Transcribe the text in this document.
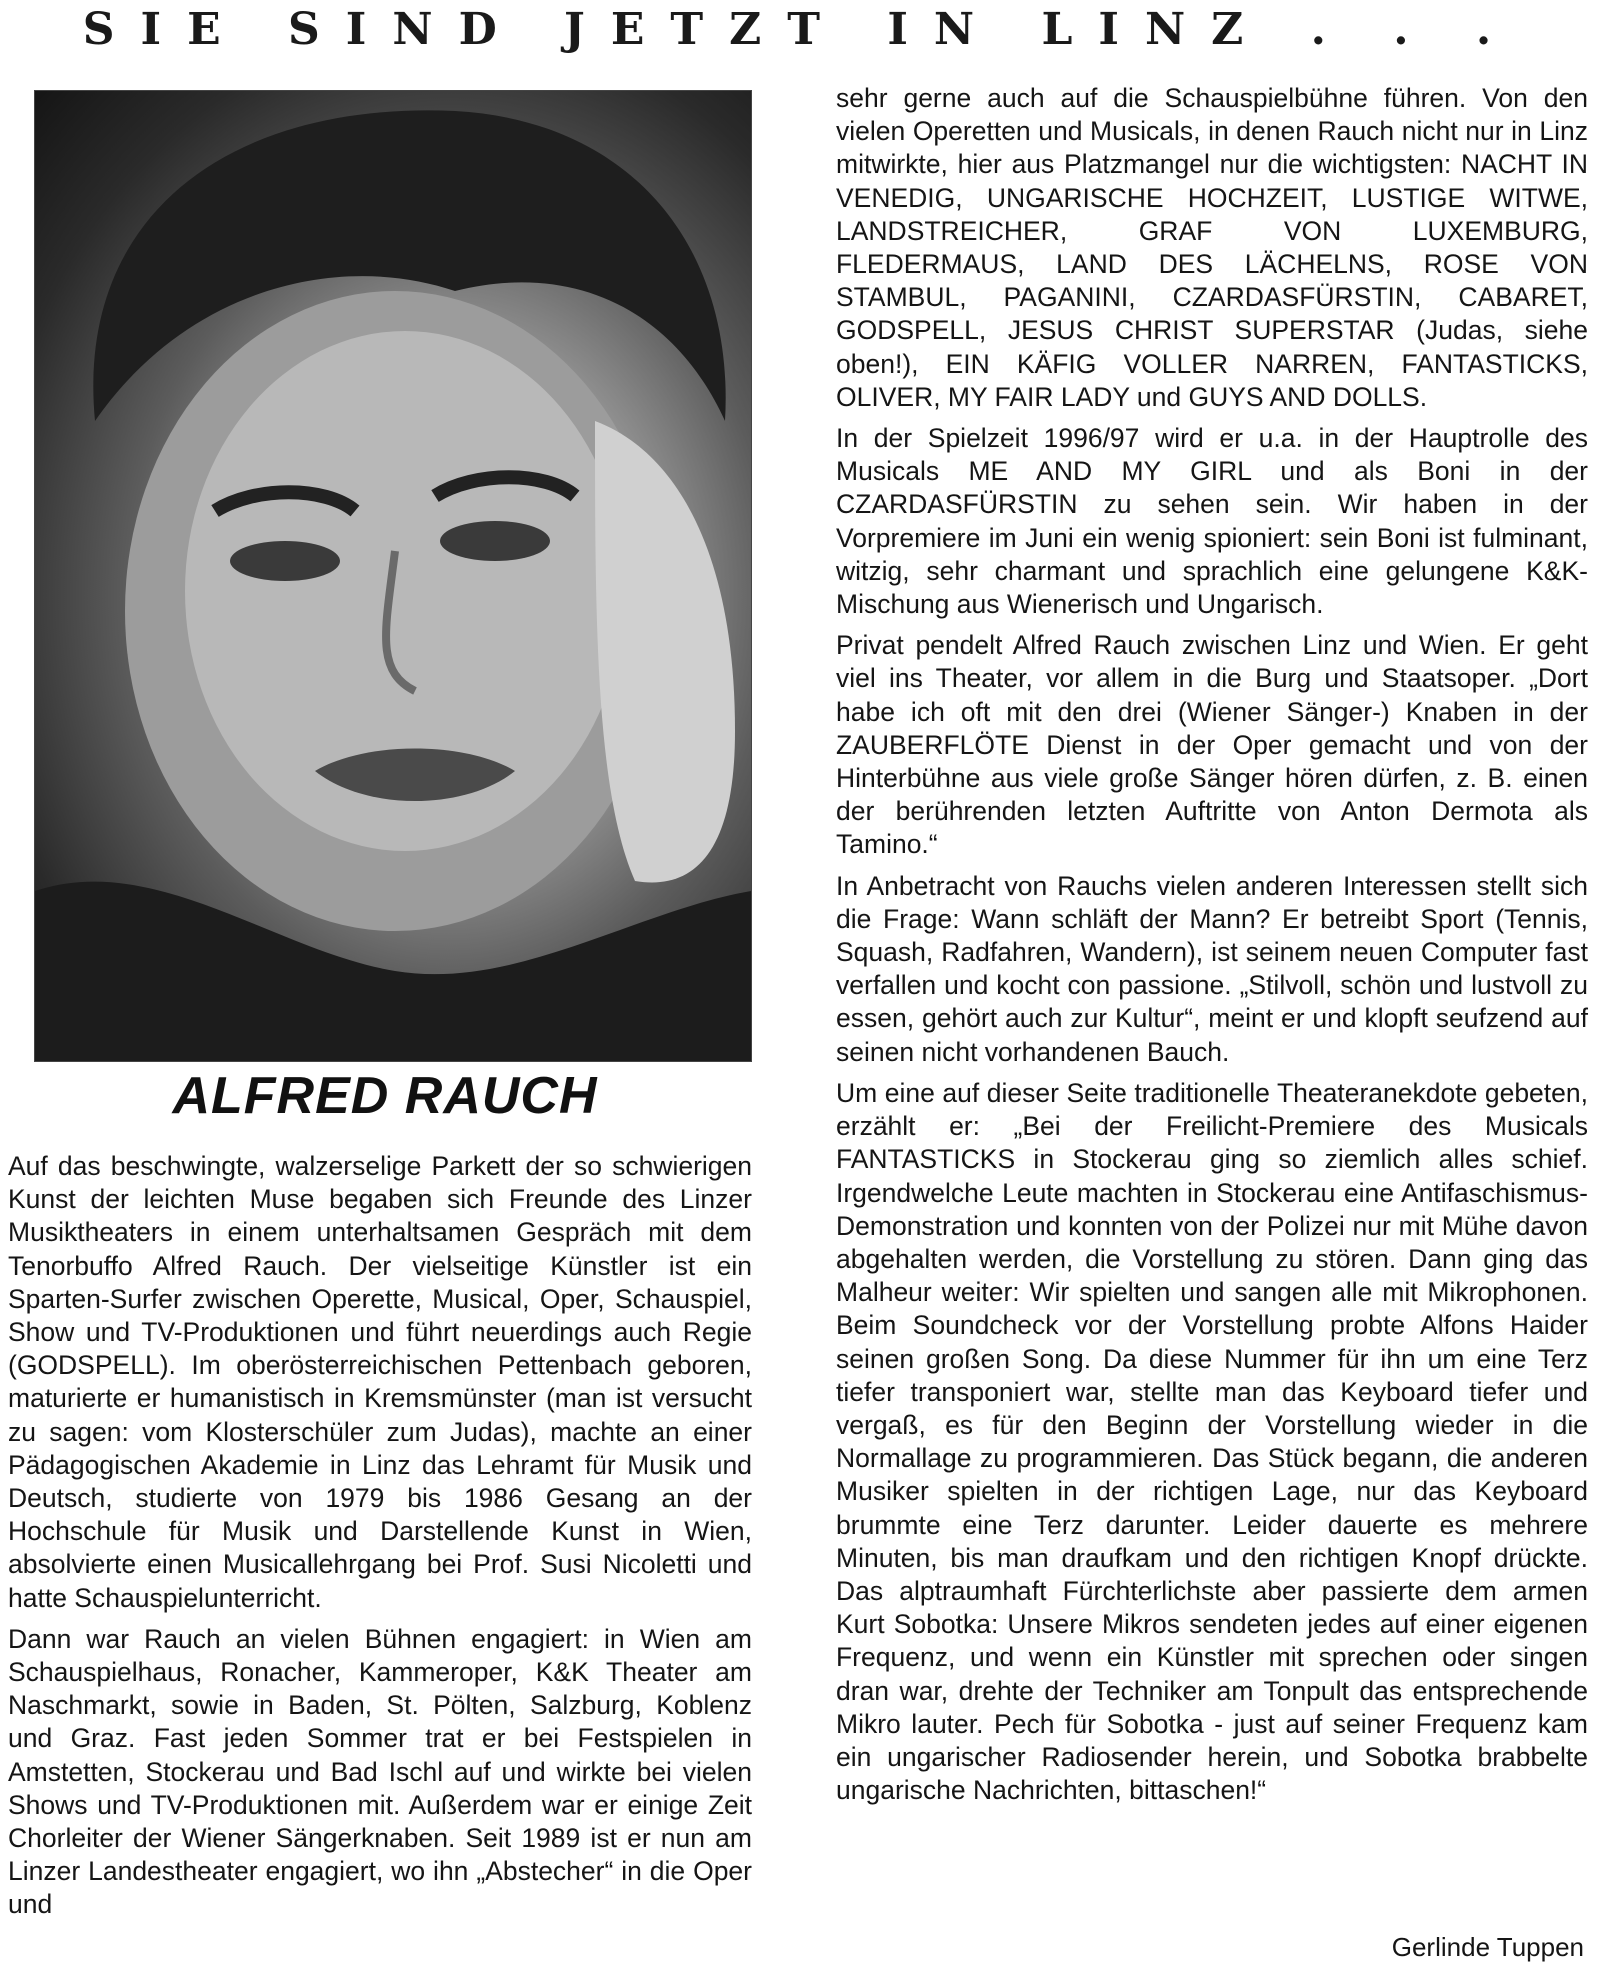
SIE SIND JETZT IN LINZ . . .
ALFRED RAUCH

Auf das beschwingte, walzerselige Parkett der so schwierigen Kunst der leichten Muse begaben sich Freunde des Linzer Musiktheaters in einem unterhaltsamen Gespräch mit dem Tenorbuffo Alfred Rauch. Der vielseitige Künstler ist ein Sparten-Surfer zwischen Operette, Musical, Oper, Schauspiel, Show und TV-Produktionen und führt neuerdings auch Regie (GODSPELL). Im oberösterreichischen Pettenbach geboren, maturierte er humanistisch in Kremsmünster (man ist versucht zu sagen: vom Klosterschüler zum Judas), machte an einer Pädagogischen Akademie in Linz das Lehramt für Musik und Deutsch, studierte von 1979 bis 1986 Gesang an der Hochschule für Musik und Darstellende Kunst in Wien, absolvierte einen Musicallehrgang bei Prof. Susi Nicoletti und hatte Schauspielunterricht.

Dann war Rauch an vielen Bühnen engagiert: in Wien am Schauspielhaus, Ronacher, Kammeroper, K&K Theater am Naschmarkt, sowie in Baden, St. Pölten, Salzburg, Koblenz und Graz. Fast jeden Sommer trat er bei Festspielen in Amstetten, Stockerau und Bad Ischl auf und wirkte bei vielen Shows und TV-Produktionen mit. Außerdem war er einige Zeit Chorleiter der Wiener Sängerknaben. Seit 1989 ist er nun am Linzer Landestheater engagiert, wo ihn „Abstecher“ in die Oper und

sehr gerne auch auf die Schauspielbühne führen. Von den vielen Operetten und Musicals, in denen Rauch nicht nur in Linz mitwirkte, hier aus Platzmangel nur die wichtigsten: NACHT IN VENEDIG, UNGARISCHE HOCHZEIT, LUSTIGE WITWE, LANDSTREICHER, GRAF VON LUXEMBURG, FLEDERMAUS, LAND DES LÄCHELNS, ROSE VON STAMBUL, PAGANINI, CZARDASFÜRSTIN, CABARET, GODSPELL, JESUS CHRIST SUPERSTAR (Judas, siehe oben!), EIN KÄFIG VOLLER NARREN, FANTASTICKS, OLIVER, MY FAIR LADY und GUYS AND DOLLS.

In der Spielzeit 1996/97 wird er u.a. in der Hauptrolle des Musicals ME AND MY GIRL und als Boni in der CZARDASFÜRSTIN zu sehen sein. Wir haben in der Vorpremiere im Juni ein wenig spioniert: sein Boni ist fulminant, witzig, sehr charmant und sprachlich eine gelungene K&K-Mischung aus Wienerisch und Ungarisch.

Privat pendelt Alfred Rauch zwischen Linz und Wien. Er geht viel ins Theater, vor allem in die Burg und Staatsoper. „Dort habe ich oft mit den drei (Wiener Sänger-) Knaben in der ZAUBERFLÖTE Dienst in der Oper gemacht und von der Hinterbühne aus viele große Sänger hören dürfen, z. B. einen der berührenden letzten Auftritte von Anton Dermota als Tamino.“

In Anbetracht von Rauchs vielen anderen Interessen stellt sich die Frage: Wann schläft der Mann? Er betreibt Sport (Tennis, Squash, Radfahren, Wandern), ist seinem neuen Computer fast verfallen und kocht con passione. „Stilvoll, schön und lustvoll zu essen, gehört auch zur Kultur“, meint er und klopft seufzend auf seinen nicht vorhandenen Bauch.

Um eine auf dieser Seite traditionelle Theateranekdote gebeten, erzählt er: „Bei der Freilicht-Premiere des Musicals FANTASTICKS in Stockerau ging so ziemlich alles schief. Irgendwelche Leute machten in Stockerau eine Antifaschismus-Demonstration und konnten von der Polizei nur mit Mühe davon abgehalten werden, die Vorstellung zu stören. Dann ging das Malheur weiter: Wir spielten und sangen alle mit Mikrophonen. Beim Soundcheck vor der Vorstellung probte Alfons Haider seinen großen Song. Da diese Nummer für ihn um eine Terz tiefer transponiert war, stellte man das Keyboard tiefer und vergaß, es für den Beginn der Vorstellung wieder in die Normallage zu programmieren. Das Stück begann, die anderen Musiker spielten in der richtigen Lage, nur das Keyboard brummte eine Terz darunter. Leider dauerte es mehrere Minuten, bis man draufkam und den richtigen Knopf drückte. Das alptraumhaft Fürchterlichste aber passierte dem armen Kurt Sobotka: Unsere Mikros sendeten jedes auf einer eigenen Frequenz, und wenn ein Künstler mit sprechen oder singen dran war, drehte der Techniker am Tonpult das entsprechende Mikro lauter. Pech für Sobotka - just auf seiner Frequenz kam ein ungarischer Radiosender herein, und Sobotka brabbelte ungarische Nachrichten, bittaschen!“

Gerlinde Tuppen
